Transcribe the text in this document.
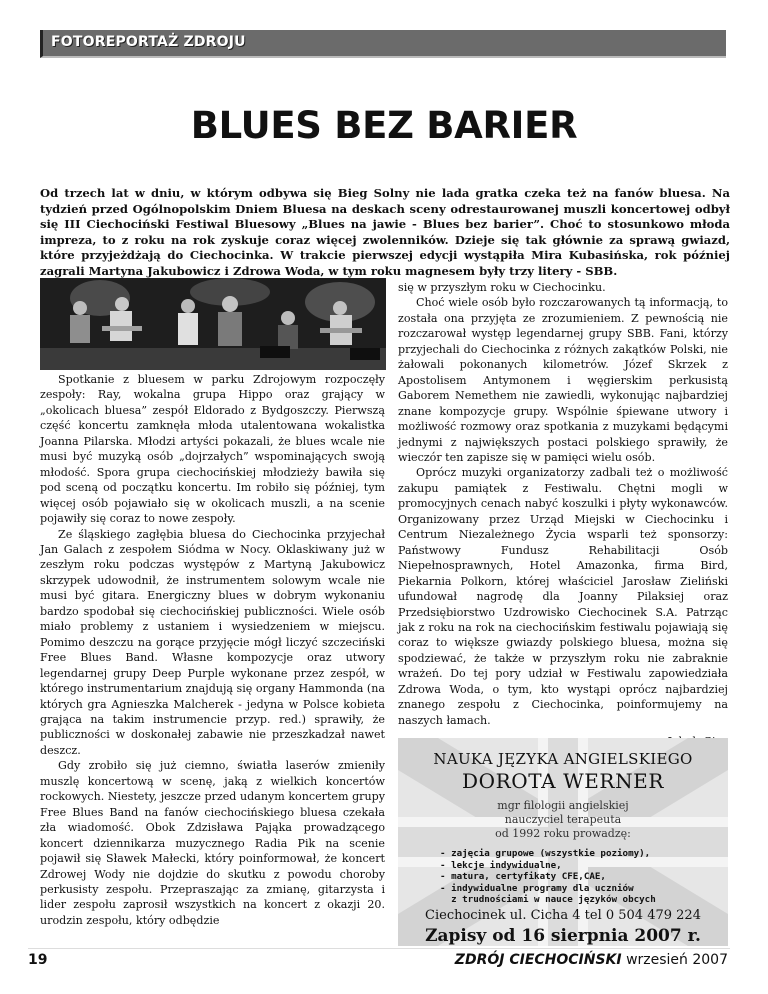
FOTOREPORTAŻ ZDROJU
BLUES BEZ BARIER
Od trzech lat w dniu, w którym odbywa się Bieg Solny nie lada gratka czeka też na fanów bluesa. Na tydzień przed Ogólnopolskim Dniem Bluesa na deskach sceny odrestaurowanej muszli koncertowej odbył się III Ciechociński Festiwal Bluesowy „Blues na jawie - Blues bez barier”. Choć to stosunkowo młoda impreza, to z roku na rok zyskuje coraz więcej zwolenników. Dzieje się tak głównie za sprawą gwiazd, które przyjeżdżają do Ciechocinka. W trakcie pierwszej edycji wystąpiła Mira Kubasińska, rok później zagrali Martyna Jakubowicz i Zdrowa Woda, w tym roku magnesem były trzy litery - SBB.

Spotkanie z bluesem w parku Zdrojowym rozpoczęły zespoły: Ray, wokalna grupa Hippo oraz grający w „okolicach bluesa” zespół Eldorado z Bydgoszczy. Pierwszą część koncertu zamknęła młoda utalentowana wokalistka Joanna Pilarska. Młodzi artyści pokazali, że blues wcale nie musi być muzyką osób „dojrzałych” wspominających swoją młodość. Spora grupa ciechocińskiej młodzieży bawiła się pod sceną od początku koncertu. Im robiło się później, tym więcej osób pojawiało się w okolicach muszli, a na scenie pojawiły się coraz to nowe zespoły.

Ze śląskiego zagłębia bluesa do Ciechocinka przyjechał Jan Galach z zespołem Siódma w Nocy. Oklaskiwany już w zeszłym roku podczas występów z Martyną Jakubowicz skrzypek udowodnił, że instrumentem solowym wcale nie musi być gitara. Energiczny blues w dobrym wykonaniu bardzo spodobał się ciechocińskiej publiczności. Wiele osób miało problemy z ustaniem i wysiedzeniem w miejscu. Pomimo deszczu na gorące przyjęcie mógł liczyć szczeciński Free Blues Band. Własne kompozycje oraz utwory legendarnej grupy Deep Purple wykonane przez zespół, w którego instrumentarium znajdują się organy Hammonda (na których gra Agnieszka Malcherek - jedyna w Polsce kobieta grająca na takim instrumencie przyp. red.) sprawiły, że publiczności w doskonałej zabawie nie przeszkadzał nawet deszcz.

Gdy zrobiło się już ciemno, światła laserów zmieniły muszlę koncertową w scenę, jaką z wielkich koncertów rockowych. Niestety, jeszcze przed udanym koncertem grupy Free Blues Band na fanów ciechocińskiego bluesa czekała zła wiadomość. Obok Zdzisława Pająka prowadzącego koncert dziennikarza muzycznego Radia Pik na scenie pojawił się Sławek Małecki, który poinformował, że koncert Zdrowej Wody nie dojdzie do skutku z powodu choroby perkusisty zespołu. Przepraszając za zmianę, gitarzysta i lider zespołu zaprosił wszystkich na koncert z okazji 20. urodzin zespołu, który odbędzie

się w przyszłym roku w Ciechocinku.

Choć wiele osób było rozczarowanych tą informacją, to została ona przyjęta ze zrozumieniem. Z pewnością nie rozczarował występ legendarnej grupy SBB. Fani, którzy przyjechali do Ciechocinka z różnych zakątków Polski, nie żałowali pokonanych kilometrów. Józef Skrzek z Apostolisem Antymonem i węgierskim perkusistą Gaborem Nemethem nie zawiedli, wykonując najbardziej znane kompozycje grupy. Wspólnie śpiewane utwory i możliwość rozmowy oraz spotkania z muzykami będącymi jednymi z największych postaci polskiego sprawiły, że wieczór ten zapisze się w pamięci wielu osób.

Oprócz muzyki organizatorzy zadbali też o możliwość zakupu pamiątek z Festiwalu. Chętni mogli w promocyjnych cenach nabyć koszulki i płyty wykonawców. Organizowany przez Urząd Miejski w Ciechocinku i Centrum Niezależnego Życia wsparli też sponsorzy: Państwowy Fundusz Rehabilitacji Osób Niepełnosprawnych, Hotel Amazonka, firma Bird, Piekarnia Polkorn, której właściciel Jarosław Zieliński ufundował nagrodę dla Joanny Pilaksiej oraz Przedsiębiorstwo Uzdrowisko Ciechocinek S.A. Patrząc jak z roku na rok na ciechocińskim festiwalu pojawiają się coraz to większe gwiazdy polskiego bluesa, można się spodziewać, że także w przyszłym roku nie zabraknie wrażeń. Do tej pory udział w Festiwalu zapowiedziała Zdrowa Woda, o tym, kto wystąpi oprócz najbardziej znanego zespołu z Ciechocinka, poinformujemy na naszych łamach.

NAUKA JĘZYKA ANGIELSKIEGO
DOROTA WERNER
mgr filologii angielskiej
nauczyciel terapeuta
od 1992 roku prowadzę:
- zajęcia grupowe (wszystkie poziomy),
- lekcje indywidualne,
- matura, certyfikaty CFE,CAE,
- indywidualne programy dla uczniów
z trudnościami w nauce języków obcych
Ciechocinek ul. Cicha 4 tel 0 504 479 224
Zapisy od 16 sierpnia 2007 r.
19	ZDRÓJ CIECHOCIŃSKI wrzesień 2007
